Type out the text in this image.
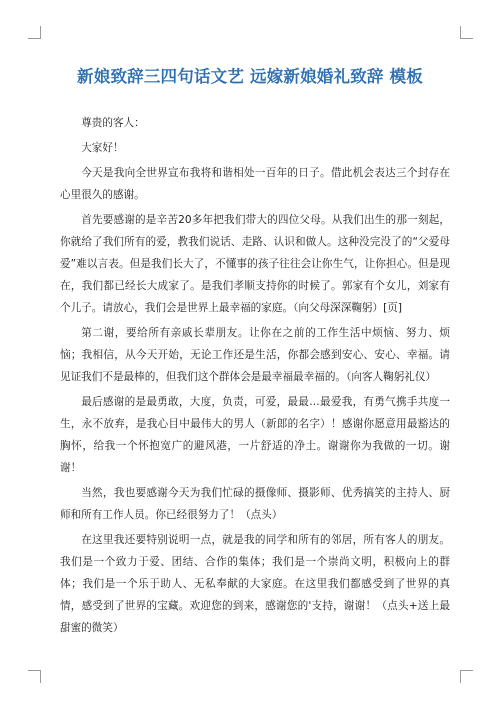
新娘致辞三四句话文艺 远嫁新娘婚礼致辞 模板

尊贵的客人：

大家好！

今天是我向全世界宣布我将和谐相处一百年的日子。借此机会表达三个封存在心里很久的感谢。

首先要感谢的是辛苦20多年把我们带大的四位父母。从我们出生的那一刻起，你就给了我们所有的爱，教我们说话、走路、认识和做人。这种没完没了的“父爱母爱”难以言表。但是我们长大了，不懂事的孩子往往会让你生气，让你担心。但是现在，我们都已经长大成家了。是我们孝顺支持你的时候了。郭家有个女儿，刘家有个儿子。请放心，我们会是世界上最幸福的家庭。（向父母深深鞠躬）[页]

第二谢，要给所有亲戚长辈朋友。让你在之前的工作生活中烦恼、努力、烦恼；我相信，从今天开始，无论工作还是生活，你都会感到安心、安心、幸福。请见证我们不是最棒的，但我们这个群体会是最幸福最幸福的。（向客人鞠躬礼仪）

最后感谢的是最勇敢，大度，负责，可爱，最最…最爱我，有勇气携手共度一生，永不放弃，是我心目中最伟大的男人（新郎的名字）！感谢你愿意用最豁达的胸怀，给我一个怀抱宽广的避风港，一片舒适的净土。谢谢你为我做的一切。谢谢！

当然，我也要感谢今天为我们忙碌的摄像师、摄影师、优秀搞笑的主持人、厨师和所有工作人员。你已经很努力了！（点头）

在这里我还要特别说明一点，就是我的同学和所有的邻居，所有客人的朋友。我们是一个致力于爱、团结、合作的集体；我们是一个崇尚文明，积极向上的群体；我们是一个乐于助人、无私奉献的大家庭。在这里我们都感受到了世界的真情，感受到了世界的宝藏。欢迎您的到来，感谢您的'支持，谢谢！（点头+送上最甜蜜的微笑）
